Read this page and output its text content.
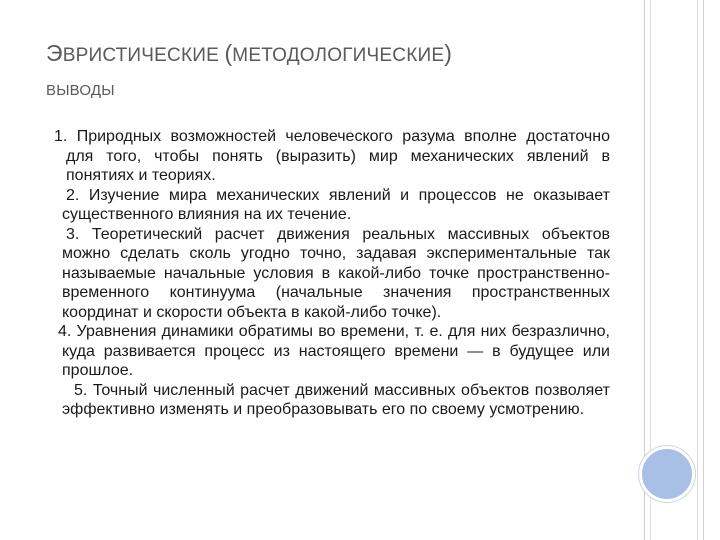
ЭВРИСТИЧЕСКИЕ (МЕТОДОЛОГИЧЕСКИЕ)
ВЫВОДЫ

1. Природных возможностей человеческого разума вполне достаточно для того, чтобы понять (выразить) мир механических явлений в понятиях и теориях.

2. Изучение мира механических явлений и процессов не оказывает существенного влияния на их течение.

3. Теоретический расчет движения реальных массивных объектов можно сделать сколь угодно точно, задавая экспериментальные так называемые начальные условия в какой-либо точке пространственно-временного континуума (начальные значения пространственных координат и скорости объекта в какой-либо точке).

4. Уравнения динамики обратимы во времени, т. е. для них безразлично, куда развивается процесс из настоящего времени — в будущее или прошлое.

5. Точный численный расчет движений массивных объектов позволяет эффективно изменять и преобразовывать его по своему усмотрению.
